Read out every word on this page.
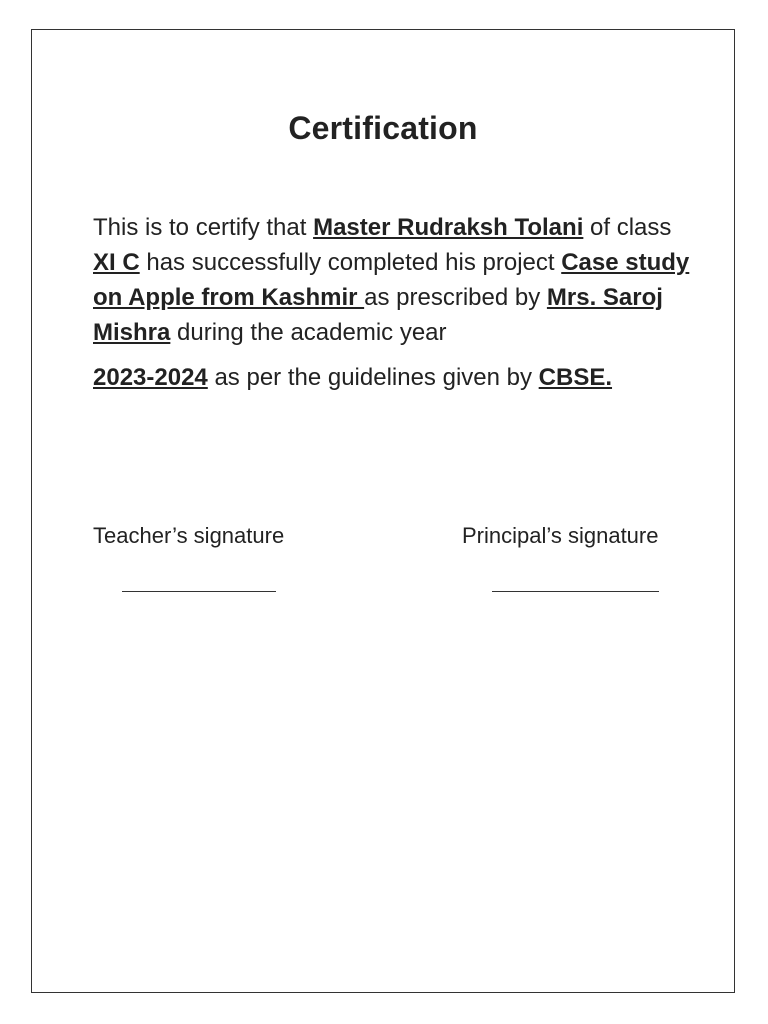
Certification
This is to certify that Master Rudraksh Tolani of class XI C has successfully completed his project Case study on Apple from Kashmir as prescribed by Mrs. Saroj Mishra during the academic year
2023-2024 as per the guidelines given by CBSE.
Teacher’s signature	Principal’s signature
